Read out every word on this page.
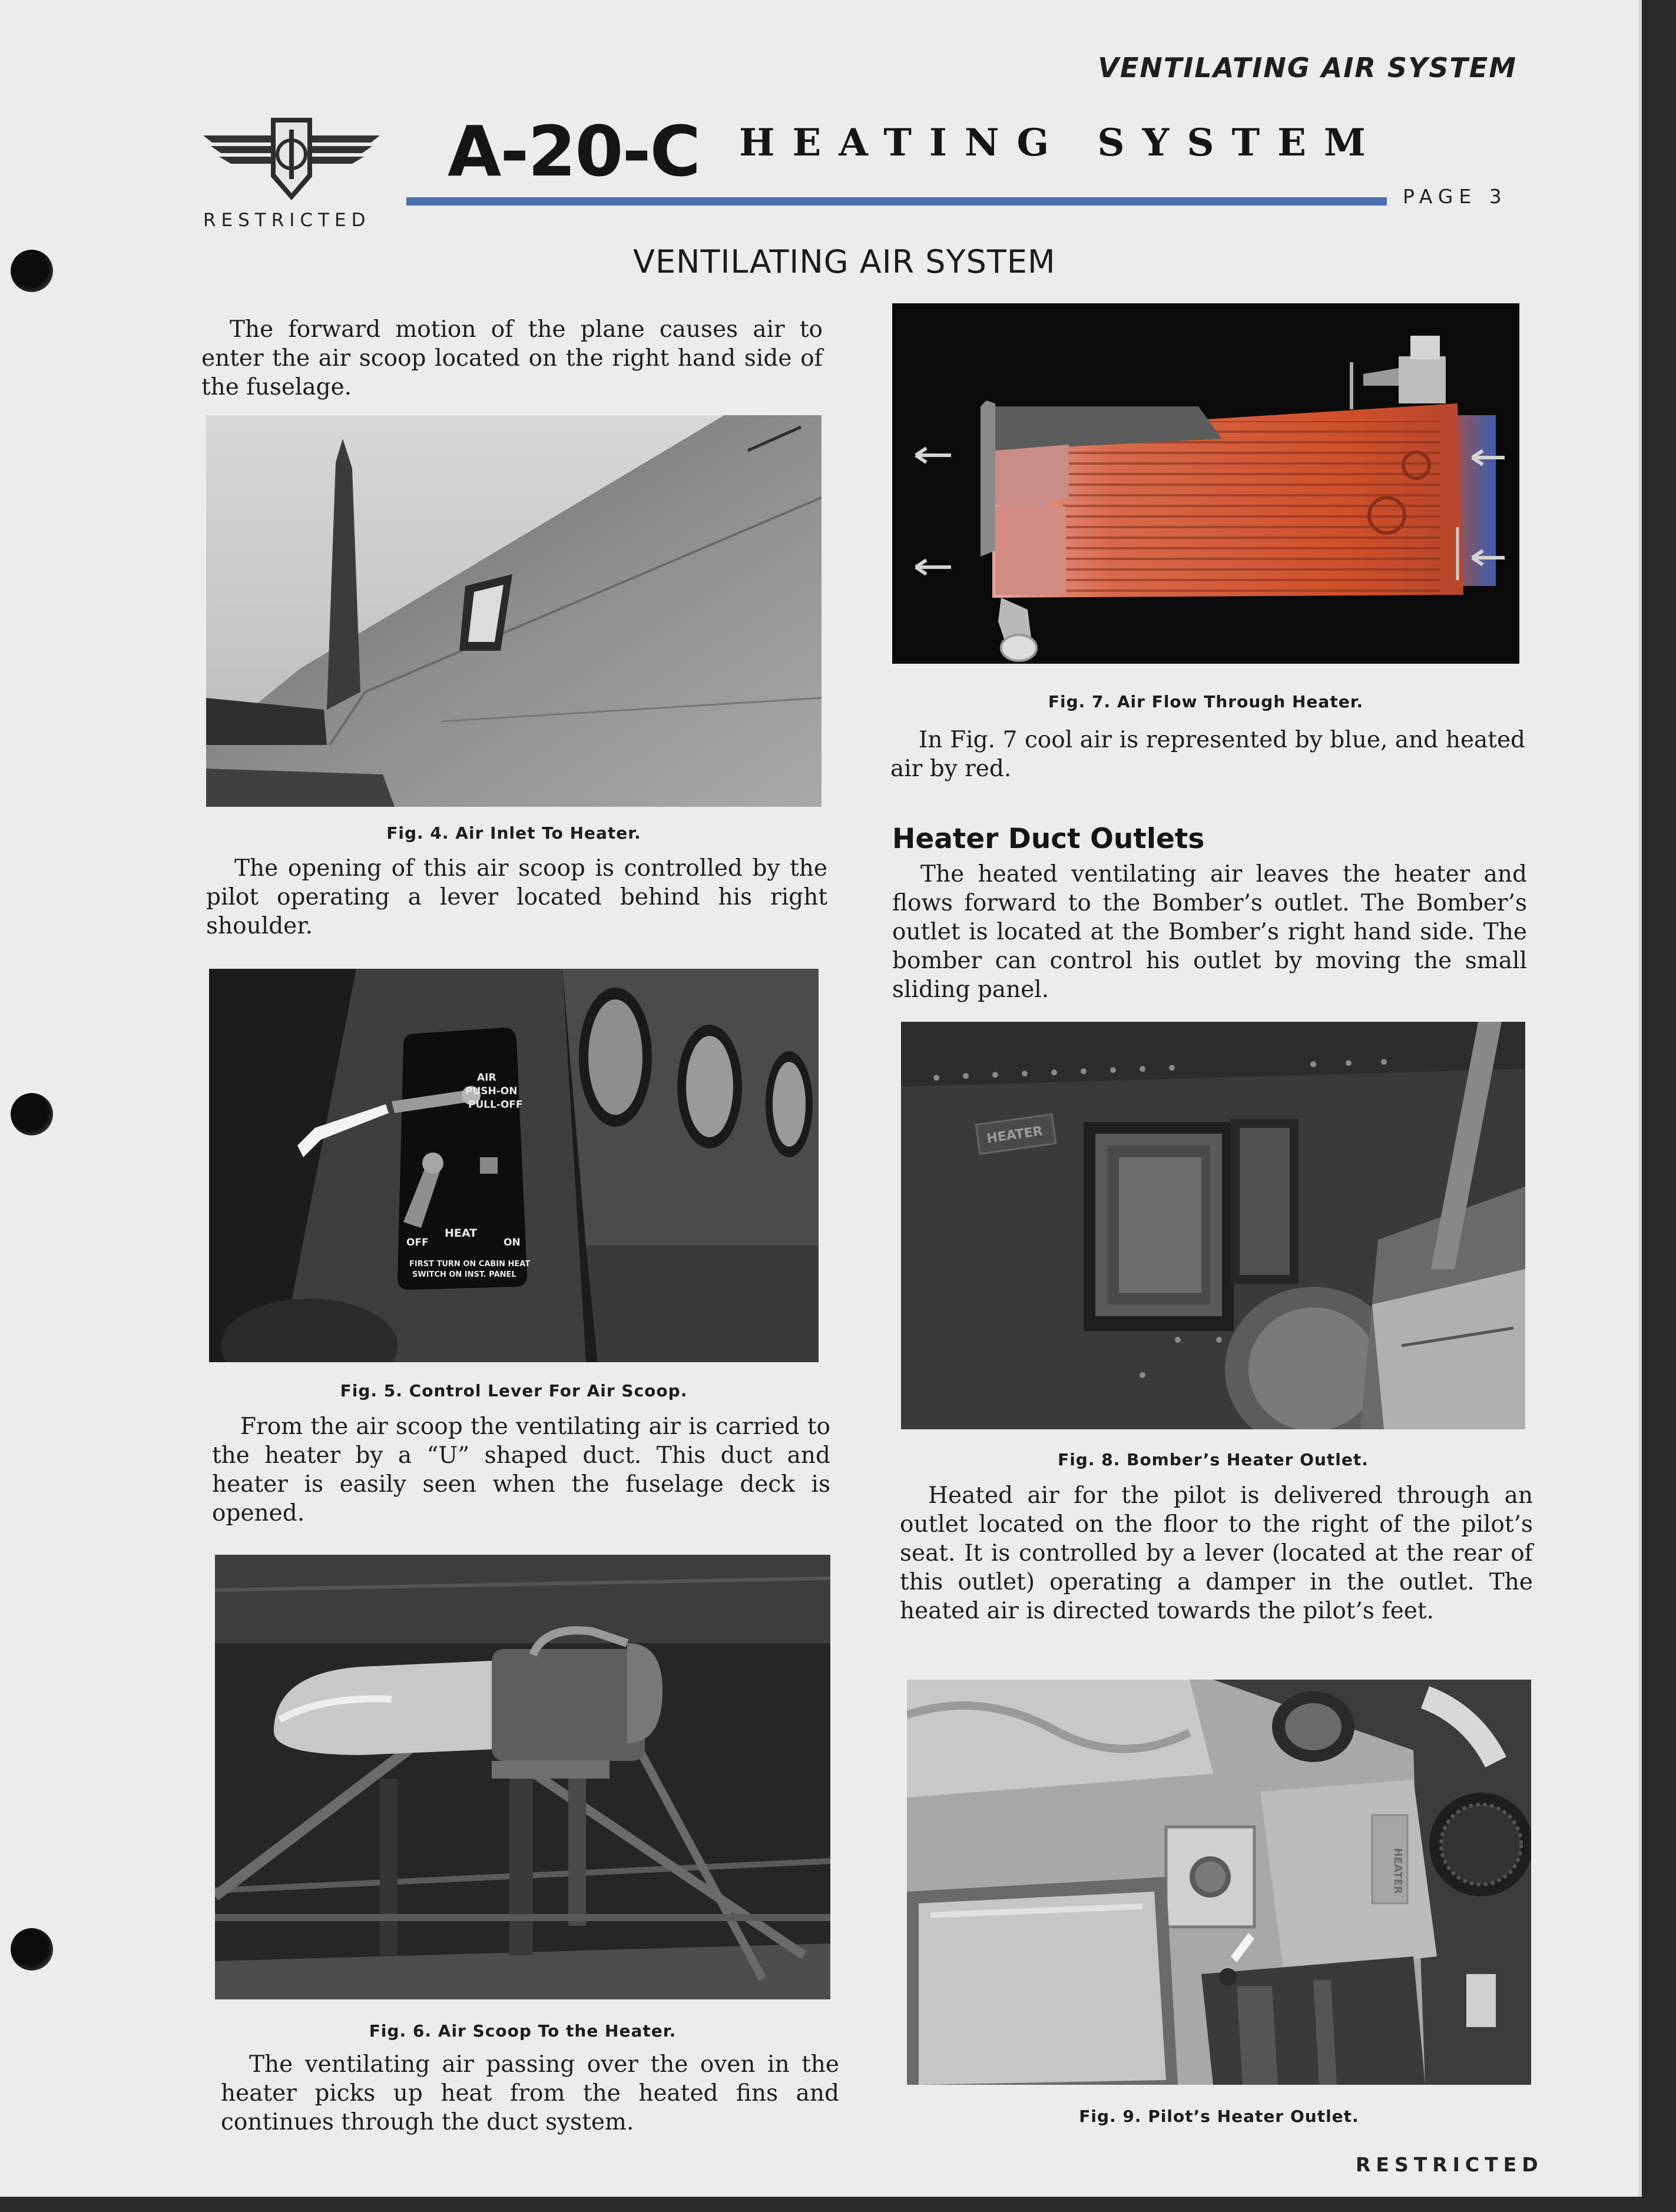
VENTILATING AIR SYSTEM
RESTRICTED
A-20-C HEATING SYSTEM
PAGE 3
VENTILATING AIR SYSTEM
The forward motion of the plane causes air to enter the air scoop located on the right hand side of the fuselage.
Fig. 4. Air Inlet To Heater.
The opening of this air scoop is controlled by the pilot operating a lever located behind his right shoulder.
AIR
PUSH-ON
PULL-OFF
OFF
HEAT
ON
FIRST TURN ON CABIN HEAT
SWITCH ON INST. PANEL
Fig. 5. Control Lever For Air Scoop.
From the air scoop the ventilating air is carried to the heater by a “U” shaped duct. This duct and heater is easily seen when the fuselage deck is opened.
Fig. 6. Air Scoop To the Heater.
The ventilating air passing over the oven in the heater picks up heat from the heated fins and continues through the duct system.
Fig. 7. Air Flow Through Heater.
In Fig. 7 cool air is represented by blue, and heated air by red.
Heater Duct Outlets
The heated ventilating air leaves the heater and flows forward to the Bomber’s outlet. The Bomber’s outlet is located at the Bomber’s right hand side. The bomber can control his outlet by moving the small sliding panel.
HEATER
Fig. 8. Bomber’s Heater Outlet.
Heated air for the pilot is delivered through an outlet located on the floor to the right of the pilot’s seat. It is controlled by a lever (located at the rear of this outlet) operating a damper in the outlet. The heated air is directed towards the pilot’s feet.
HEATER
Fig. 9. Pilot’s Heater Outlet.
RESTRICTED
